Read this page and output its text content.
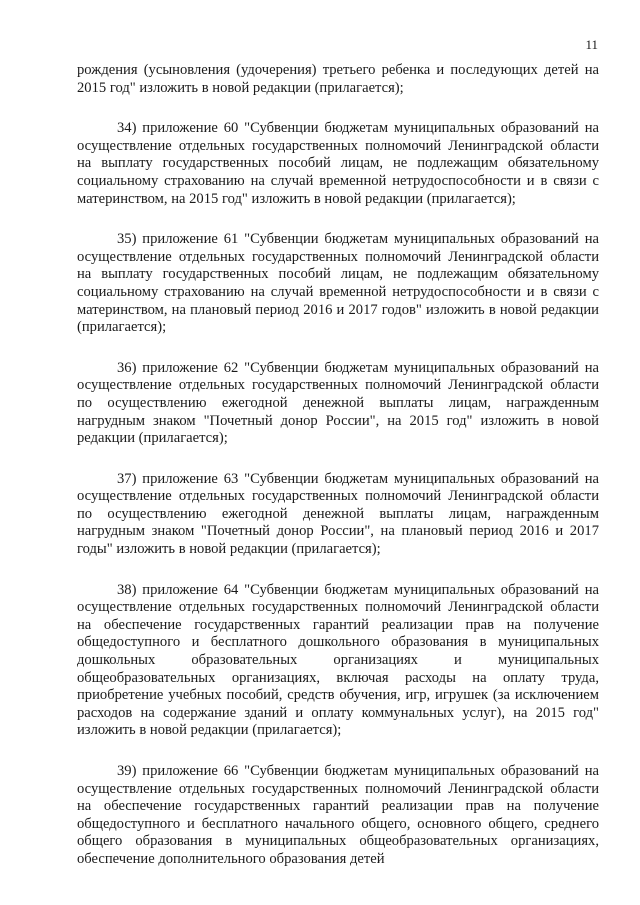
11

рождения (усыновления (удочерения) третьего ребенка и последующих детей на 2015 год" изложить в новой редакции (прилагается);

34) приложение 60 "Субвенции бюджетам муниципальных образований на осуществление отдельных государственных полномочий Ленинградской области на выплату государственных пособий лицам, не подлежащим обязательному социальному страхованию на случай временной нетрудоспособности и в связи с материнством, на 2015 год" изложить в новой редакции (прилагается);

35) приложение 61 "Субвенции бюджетам муниципальных образований на осуществление отдельных государственных полномочий Ленинградской области на выплату государственных пособий лицам, не подлежащим обязательному социальному страхованию на случай временной нетрудоспособности и в связи с материнством, на плановый период 2016 и 2017 годов" изложить в новой редакции (прилагается);

36) приложение 62 "Субвенции бюджетам муниципальных образований на осуществление отдельных государственных полномочий Ленинградской области по осуществлению ежегодной денежной выплаты лицам, награжденным нагрудным знаком "Почетный донор России", на 2015 год" изложить в новой редакции (прилагается);

37) приложение 63 "Субвенции бюджетам муниципальных образований на осуществление отдельных государственных полномочий Ленинградской области по осуществлению ежегодной денежной выплаты лицам, награжденным нагрудным знаком "Почетный донор России", на плановый период 2016 и 2017 годы" изложить в новой редакции (прилагается);

38) приложение 64 "Субвенции бюджетам муниципальных образований на осуществление отдельных государственных полномочий Ленинградской области на обеспечение государственных гарантий реализации прав на получение общедоступного и бесплатного дошкольного образования в муниципальных дошкольных образовательных организациях и муниципальных общеобразовательных организациях, включая расходы на оплату труда, приобретение учебных пособий, средств обучения, игр, игрушек (за исключением расходов на содержание зданий и оплату коммунальных услуг), на 2015 год" изложить в новой редакции (прилагается);

39) приложение 66 "Субвенции бюджетам муниципальных образований на осуществление отдельных государственных полномочий Ленинградской области на обеспечение государственных гарантий реализации прав на получение общедоступного и бесплатного начального общего, основного общего, среднего общего образования в муниципальных общеобразовательных организациях, обеспечение дополнительного образования детей
